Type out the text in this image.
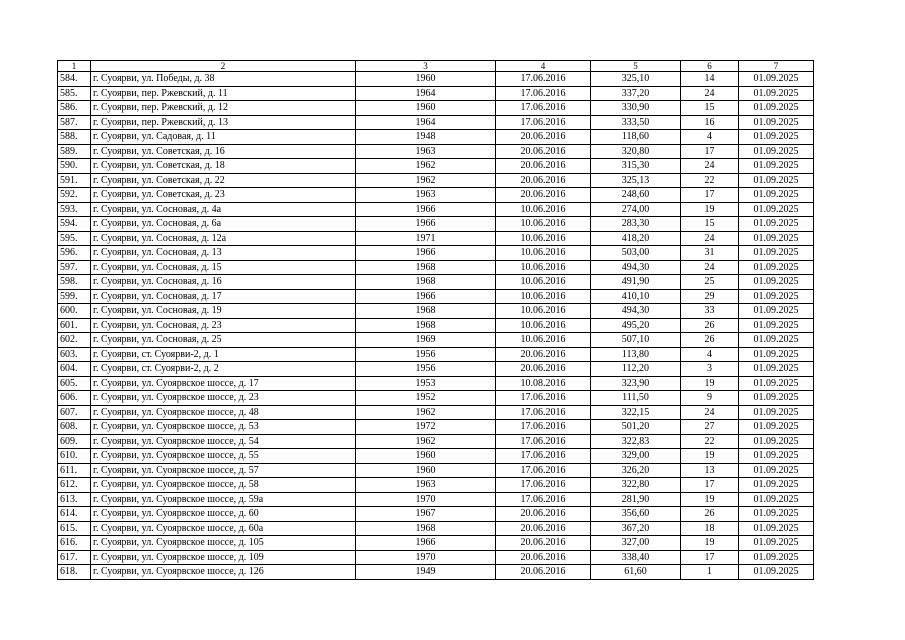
1	2	3	4	5	6	7
584.	г. Суоярви, ул. Победы, д. 38	1960	17.06.2016	325,10	14	01.09.2025
585.	г. Суоярви, пер. Ржевский, д. 11	1964	17.06.2016	337,20	24	01.09.2025
586.	г. Суоярви, пер. Ржевский, д. 12	1960	17.06.2016	330,90	15	01.09.2025
587.	г. Суоярви, пер. Ржевский, д. 13	1964	17.06.2016	333,50	16	01.09.2025
588.	г. Суоярви, ул. Садовая, д. 11	1948	20.06.2016	118,60	4	01.09.2025
589.	г. Суоярви, ул. Советская, д. 16	1963	20.06.2016	320,80	17	01.09.2025
590.	г. Суоярви, ул. Советская, д. 18	1962	20.06.2016	315,30	24	01.09.2025
591.	г. Суоярви, ул. Советская, д. 22	1962	20.06.2016	325,13	22	01.09.2025
592.	г. Суоярви, ул. Советская, д. 23	1963	20.06.2016	248,60	17	01.09.2025
593.	г. Суоярви, ул. Сосновая, д. 4а	1966	10.06.2016	274,00	19	01.09.2025
594.	г. Суоярви, ул. Сосновая, д. 6а	1966	10.06.2016	283,30	15	01.09.2025
595.	г. Суоярви, ул. Сосновая, д. 12а	1971	10.06.2016	418,20	24	01.09.2025
596.	г. Суоярви, ул. Сосновая, д. 13	1966	10.06.2016	503,00	31	01.09.2025
597.	г. Суоярви, ул. Сосновая, д. 15	1968	10.06.2016	494,30	24	01.09.2025
598.	г. Суоярви, ул. Сосновая, д. 16	1968	10.06.2016	491,90	25	01.09.2025
599.	г. Суоярви, ул. Сосновая, д. 17	1966	10.06.2016	410,10	29	01.09.2025
600.	г. Суоярви, ул. Сосновая, д. 19	1968	10.06.2016	494,30	33	01.09.2025
601.	г. Суоярви, ул. Сосновая, д. 23	1968	10.06.2016	495,20	26	01.09.2025
602.	г. Суоярви, ул. Сосновая, д. 25	1969	10.06.2016	507,10	26	01.09.2025
603.	г. Суоярви, ст. Суоярви-2, д. 1	1956	20.06.2016	113,80	4	01.09.2025
604.	г. Суоярви, ст. Суоярви-2, д. 2	1956	20.06.2016	112,20	3	01.09.2025
605.	г. Суоярви, ул. Суоярвское шоссе, д. 17	1953	10.08.2016	323,90	19	01.09.2025
606.	г. Суоярви, ул. Суоярвское шоссе, д. 23	1952	17.06.2016	111,50	9	01.09.2025
607.	г. Суоярви, ул. Суоярвское шоссе, д. 48	1962	17.06.2016	322,15	24	01.09.2025
608.	г. Суоярви, ул. Суоярвское шоссе, д. 53	1972	17.06.2016	501,20	27	01.09.2025
609.	г. Суоярви, ул. Суоярвское шоссе, д. 54	1962	17.06.2016	322,83	22	01.09.2025
610.	г. Суоярви, ул. Суоярвское шоссе, д. 55	1960	17.06.2016	329,00	19	01.09.2025
611.	г. Суоярви, ул. Суоярвское шоссе, д. 57	1960	17.06.2016	326,20	13	01.09.2025
612.	г. Суоярви, ул. Суоярвское шоссе, д. 58	1963	17.06.2016	322,80	17	01.09.2025
613.	г. Суоярви, ул. Суоярвское шоссе, д. 59а	1970	17.06.2016	281,90	19	01.09.2025
614.	г. Суоярви, ул. Суоярвское шоссе, д. 60	1967	20.06.2016	356,60	26	01.09.2025
615.	г. Суоярви, ул. Суоярвское шоссе, д. 60а	1968	20.06.2016	367,20	18	01.09.2025
616.	г. Суоярви, ул. Суоярвское шоссе, д. 105	1966	20.06.2016	327,00	19	01.09.2025
617.	г. Суоярви, ул. Суоярвское шоссе, д. 109	1970	20.06.2016	338,40	17	01.09.2025
618.	г. Суоярви, ул. Суоярвское шоссе, д. 126	1949	20.06.2016	61,60	1	01.09.2025
